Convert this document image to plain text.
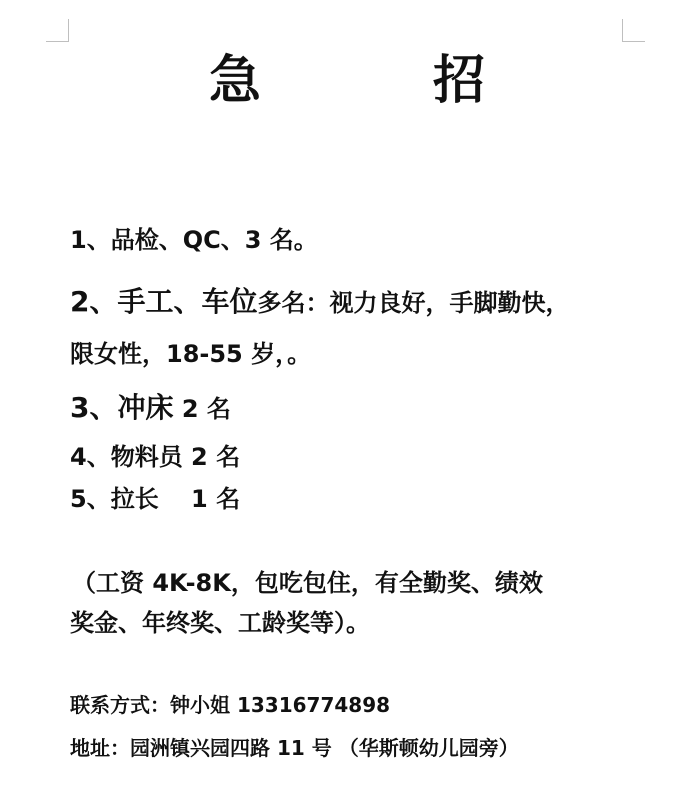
急　招
1、品检、QC、3 名。
2、手工、车位多名：视力良好，手脚勤快，
限女性，18-55 岁，。
3、冲床 2 名
4、物料员 2 名
5、拉长　 1 名
（工资 4K-8K，包吃包住，有全勤奖、绩效
奖金、年终奖、工龄奖等）。
联系方式：钟小姐 13316774898
地址：园洲镇兴园四路 11 号 （华斯顿幼儿园旁）
